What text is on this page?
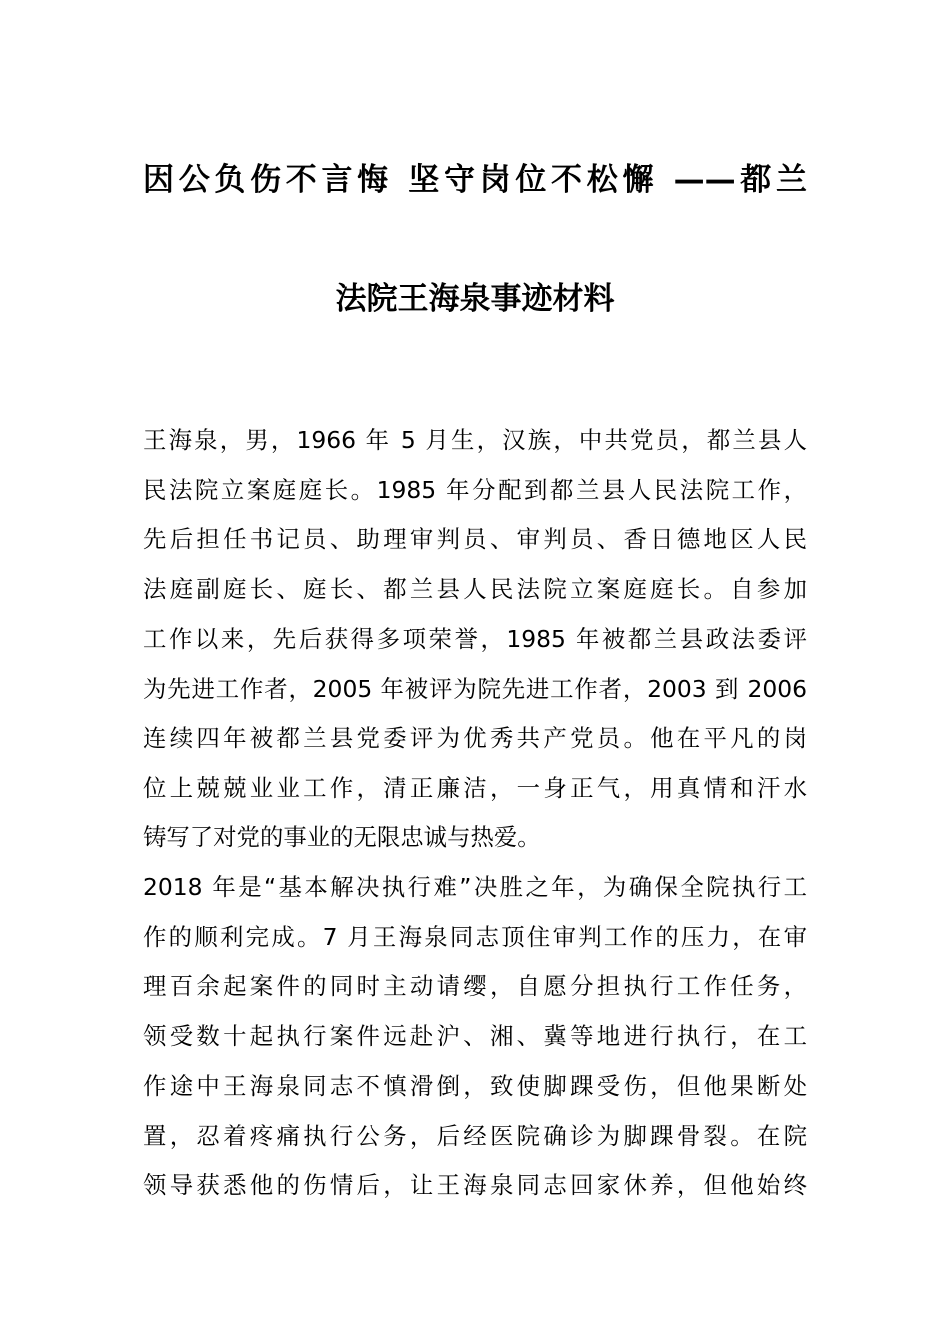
因公负伤不言悔 坚守岗位不松懈 ——都兰
法院王海泉事迹材料
王海泉，男，1966 年 5 月生，汉族，中共党员，都兰县人
民法院立案庭庭长。1985 年分配到都兰县人民法院工作，
先后担任书记员、助理审判员、审判员、香日德地区人民
法庭副庭长、庭长、都兰县人民法院立案庭庭长。自参加
工作以来，先后获得多项荣誉，1985 年被都兰县政法委评
为先进工作者，2005 年被评为院先进工作者，2003 到 2006
连续四年被都兰县党委评为优秀共产党员。他在平凡的岗
位上兢兢业业工作，清正廉洁，一身正气，用真情和汗水
铸写了对党的事业的无限忠诚与热爱。
2018 年是“基本解决执行难”决胜之年，为确保全院执行工
作的顺利完成。7 月王海泉同志顶住审判工作的压力，在审
理百余起案件的同时主动请缨，自愿分担执行工作任务，
领受数十起执行案件远赴沪、湘、冀等地进行执行，在工
作途中王海泉同志不慎滑倒，致使脚踝受伤，但他果断处
置，忍着疼痛执行公务，后经医院确诊为脚踝骨裂。在院
领导获悉他的伤情后，让王海泉同志回家休养，但他始终
